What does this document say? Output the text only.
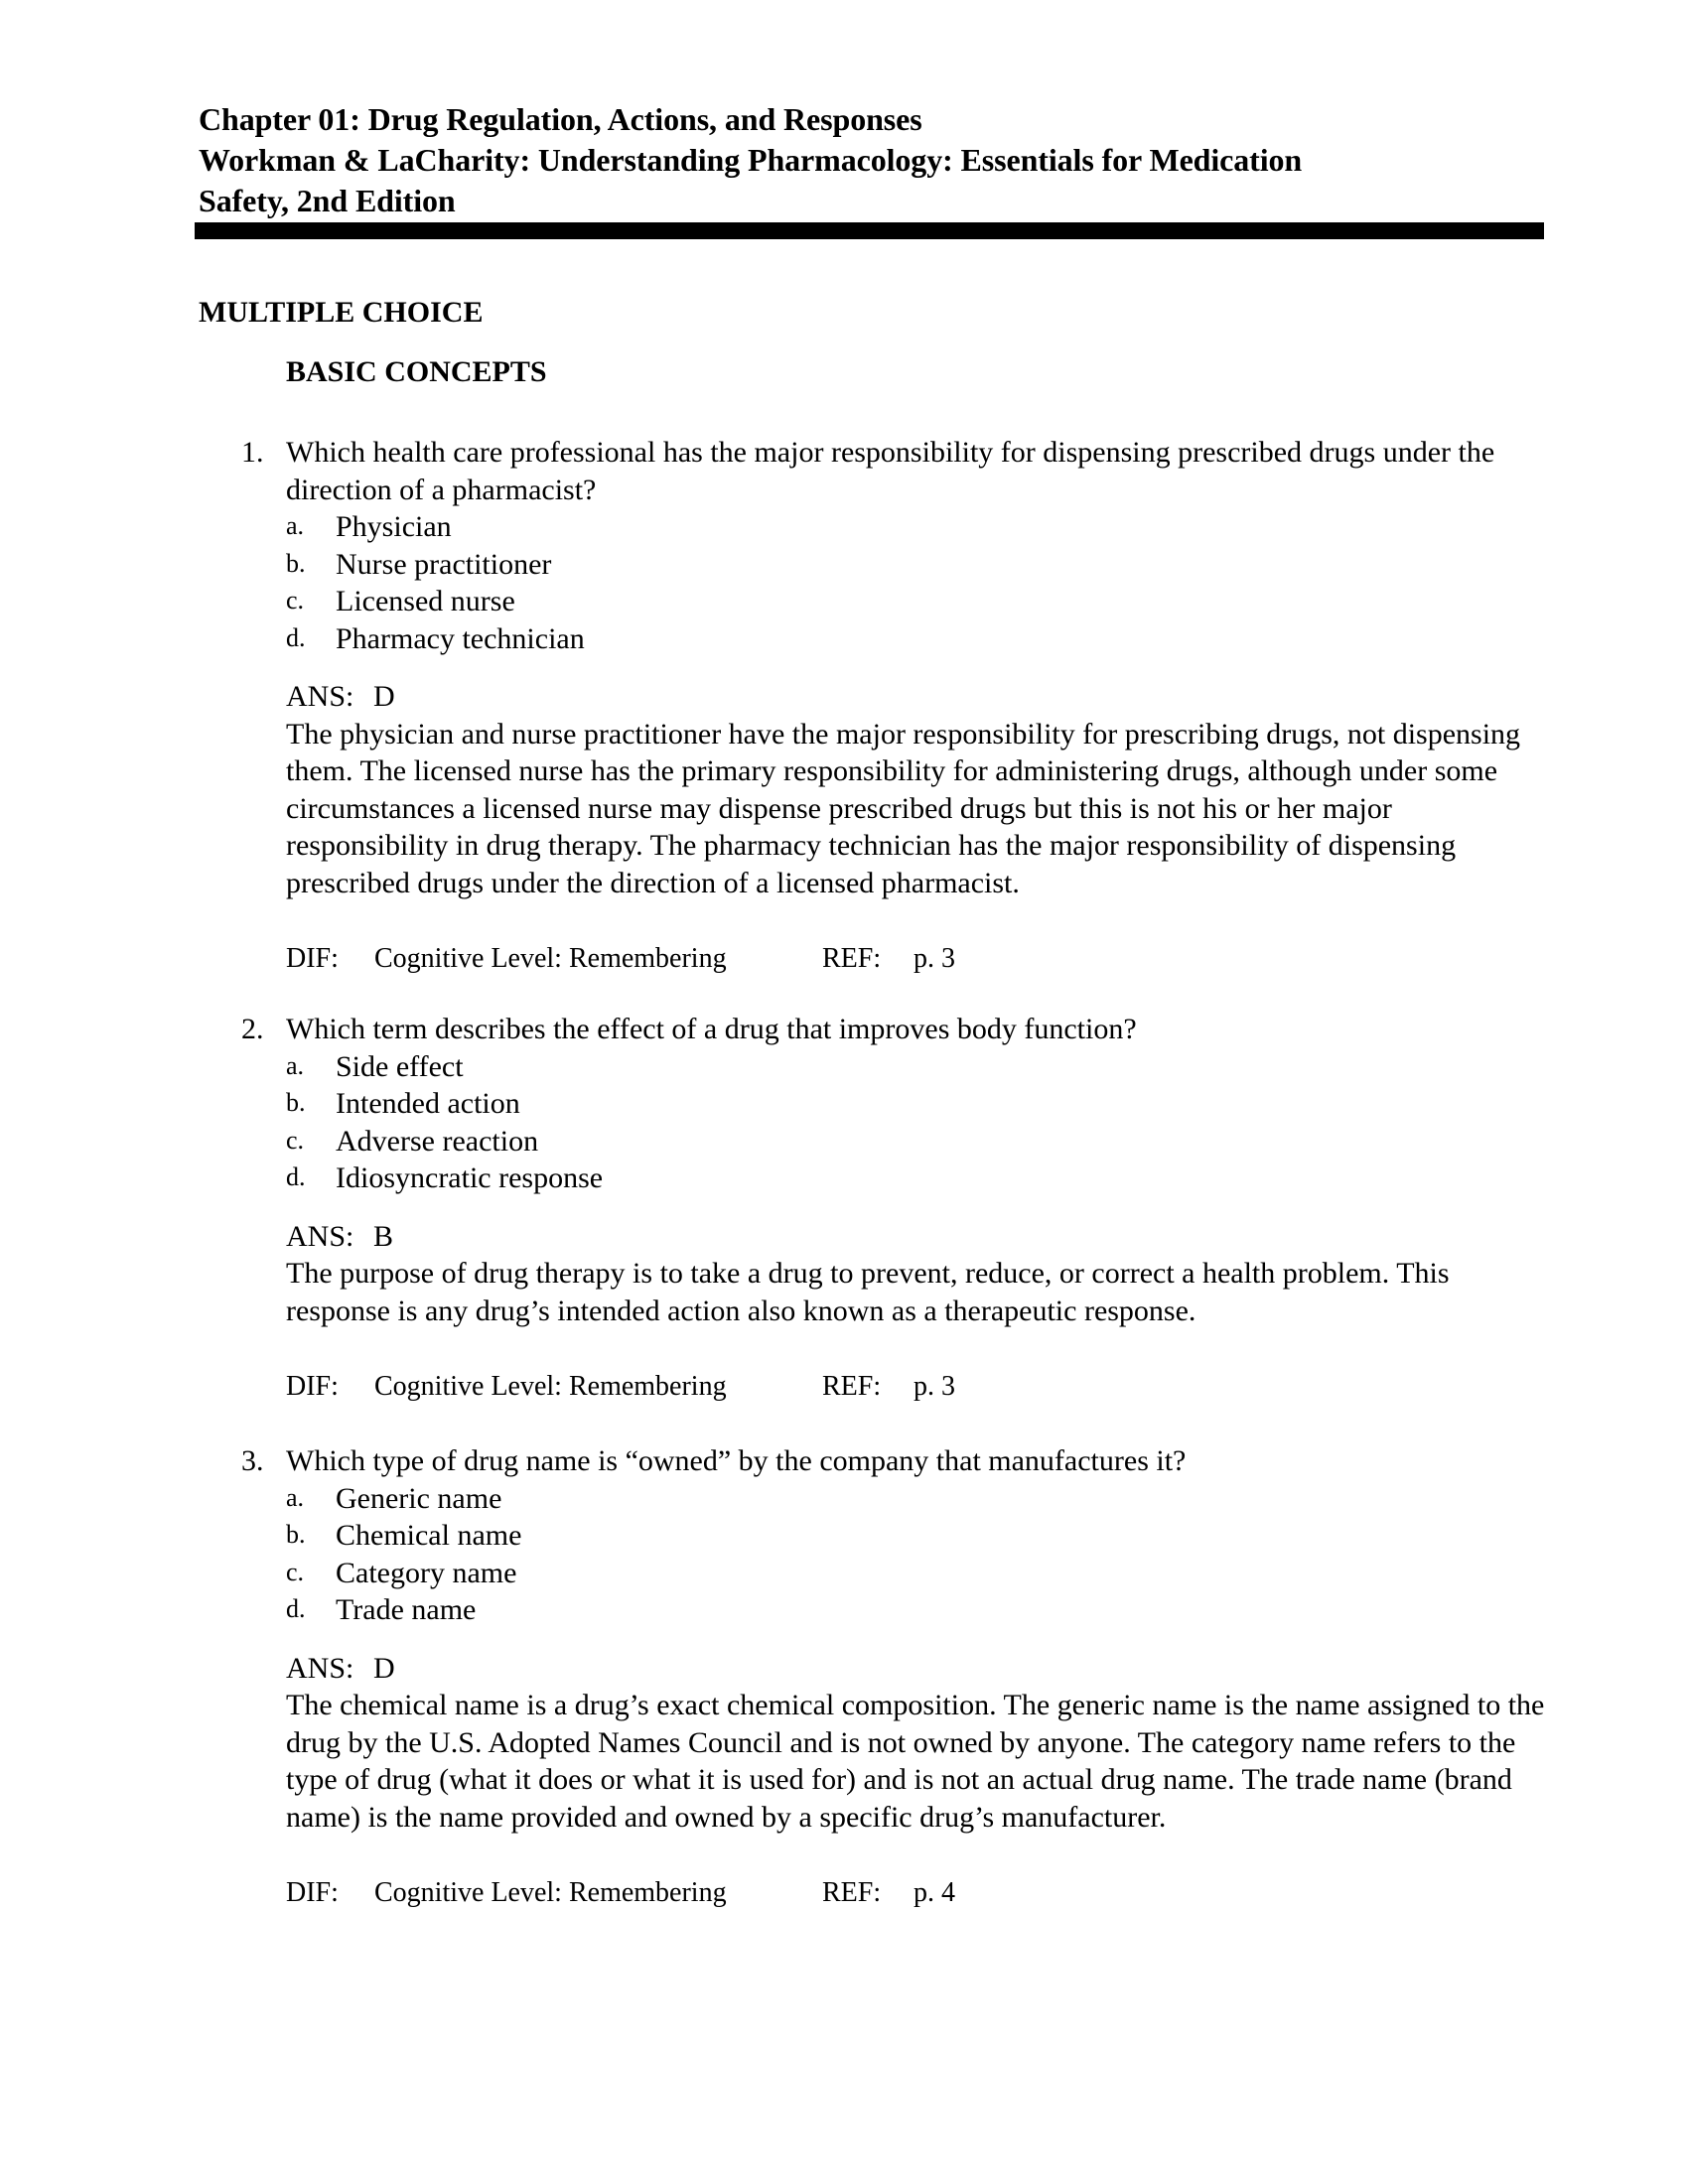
Chapter 01: Drug Regulation, Actions, and Responses
Workman & LaCharity: Understanding Pharmacology: Essentials for Medication
Safety, 2nd Edition
MULTIPLE CHOICE
BASIC CONCEPTS
1. Which health care professional has the major responsibility for dispensing prescribed drugs under the direction of a pharmacist?
a. Physician
b. Nurse practitioner
c. Licensed nurse
d. Pharmacy technician
ANS: D
The physician and nurse practitioner have the major responsibility for prescribing drugs, not dispensing them. The licensed nurse has the primary responsibility for administering drugs, although under some circumstances a licensed nurse may dispense prescribed drugs but this is not his or her major responsibility in drug therapy. The pharmacy technician has the major responsibility of dispensing prescribed drugs under the direction of a licensed pharmacist.
DIF: Cognitive Level: Remembering	REF: p. 3
2. Which term describes the effect of a drug that improves body function?
a. Side effect
b. Intended action
c. Adverse reaction
d. Idiosyncratic response
ANS: B
The purpose of drug therapy is to take a drug to prevent, reduce, or correct a health problem. This response is any drug’s intended action also known as a therapeutic response.
DIF: Cognitive Level: Remembering	REF: p. 3
3. Which type of drug name is “owned” by the company that manufactures it?
a. Generic name
b. Chemical name
c. Category name
d. Trade name
ANS: D
The chemical name is a drug’s exact chemical composition. The generic name is the name assigned to the drug by the U.S. Adopted Names Council and is not owned by anyone. The category name refers to the type of drug (what it does or what it is used for) and is not an actual drug name. The trade name (brand name) is the name provided and owned by a specific drug’s manufacturer.
DIF: Cognitive Level: Remembering	REF: p. 4
